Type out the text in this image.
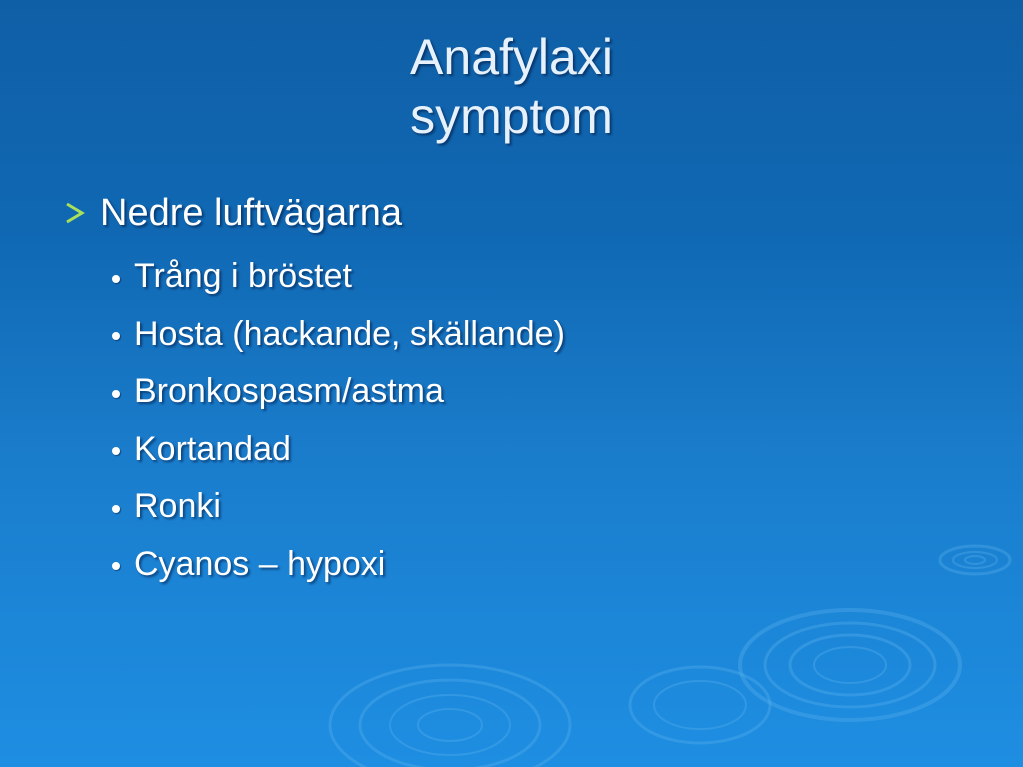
Anafylaxi
symptom
Nedre luftvägarna
Trång i bröstet
Hosta (hackande, skällande)
Bronkospasm/astma
Kortandad
Ronki
Cyanos – hypoxi
